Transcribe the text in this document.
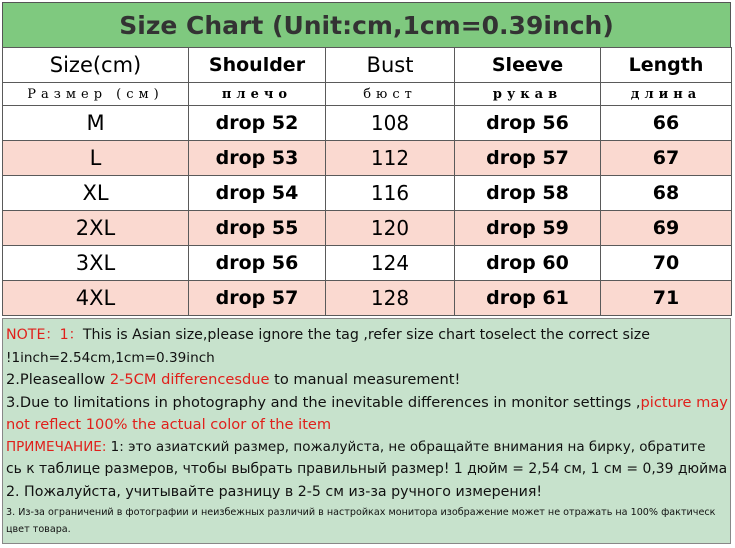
Size Chart (Unit:cm,1cm=0.39inch)
Size(cm)	Shoulder	Bust	Sleeve	Length
Размер (см)	плечо	бюст	рукав	длина
M	drop 52	108	drop 56	66
L	drop 53	112	drop 57	67
XL	drop 54	116	drop 58	68
2XL	drop 55	120	drop 59	69
3XL	drop 56	124	drop 60	70
4XL	drop 57	128	drop 61	71

NOTE：1：This is Asian size,please ignore the tag ,refer size chart toselect the correct size

!1inch=2.54cm,1cm=0.39inch

2.Pleaseallow 2-5CM differencesdue to manual measurement!

3.Due to limitations in photography and the inevitable differences in monitor settings ,picture may

not reflect 100% the actual color of the item

ПРИМЕЧАНИЕ: 1: это азиатский размер, пожалуйста, не обращайте внимания на бирку, обратите

сь к таблице размеров, чтобы выбрать правильный размер! 1 дюйм = 2,54 см, 1 см = 0,39 дюйма

2. Пожалуйста, учитывайте разницу в 2-5 см из-за ручного измерения!

3. Из-за ограничений в фотографии и неизбежных различий в настройках монитора изображение может не отражать на 100% фактическ

цвет товара.
